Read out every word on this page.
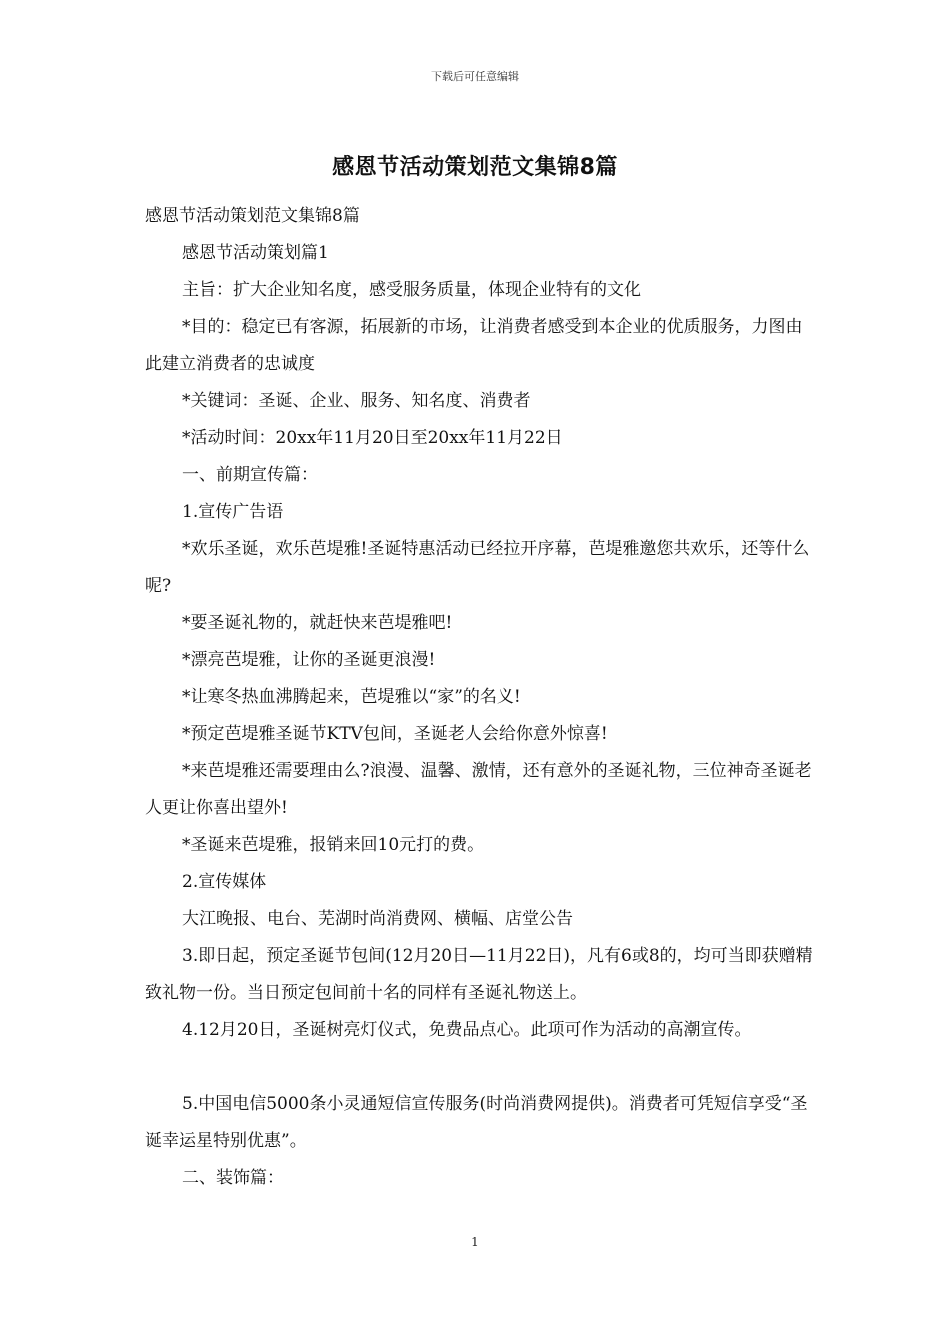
下载后可任意编辑
感恩节活动策划范文集锦8篇

感恩节活动策划范文集锦8篇

感恩节活动策划篇1

主旨：扩大企业知名度，感受服务质量，体现企业特有的文化

*目的：稳定已有客源，拓展新的市场，让消费者感受到本企业的优质服务，力图由此建立消费者的忠诚度

*关键词：圣诞、企业、服务、知名度、消费者

*活动时间：20xx年11月20日至20xx年11月22日

一、前期宣传篇：

1.宣传广告语

*欢乐圣诞，欢乐芭堤雅!圣诞特惠活动已经拉开序幕，芭堤雅邀您共欢乐，还等什么呢?

*要圣诞礼物的，就赶快来芭堤雅吧!

*漂亮芭堤雅，让你的圣诞更浪漫!

*让寒冬热血沸腾起来，芭堤雅以“家”的名义!

*预定芭堤雅圣诞节KTV包间，圣诞老人会给你意外惊喜!

*来芭堤雅还需要理由么?浪漫、温馨、激情，还有意外的圣诞礼物，三位神奇圣诞老人更让你喜出望外!

*圣诞来芭堤雅，报销来回10元打的费。

2.宣传媒体

大江晚报、电台、芜湖时尚消费网、横幅、店堂公告

3.即日起，预定圣诞节包间(12月20日—11月22日)，凡有6或8的，均可当即获赠精致礼物一份。当日预定包间前十名的同样有圣诞礼物送上。

4.12月20日，圣诞树亮灯仪式，免费品点心。此项可作为活动的高潮宣传。

5.中国电信5000条小灵通短信宣传服务(时尚消费网提供)。消费者可凭短信享受“圣诞幸运星特别优惠”。

二、装饰篇：

1
